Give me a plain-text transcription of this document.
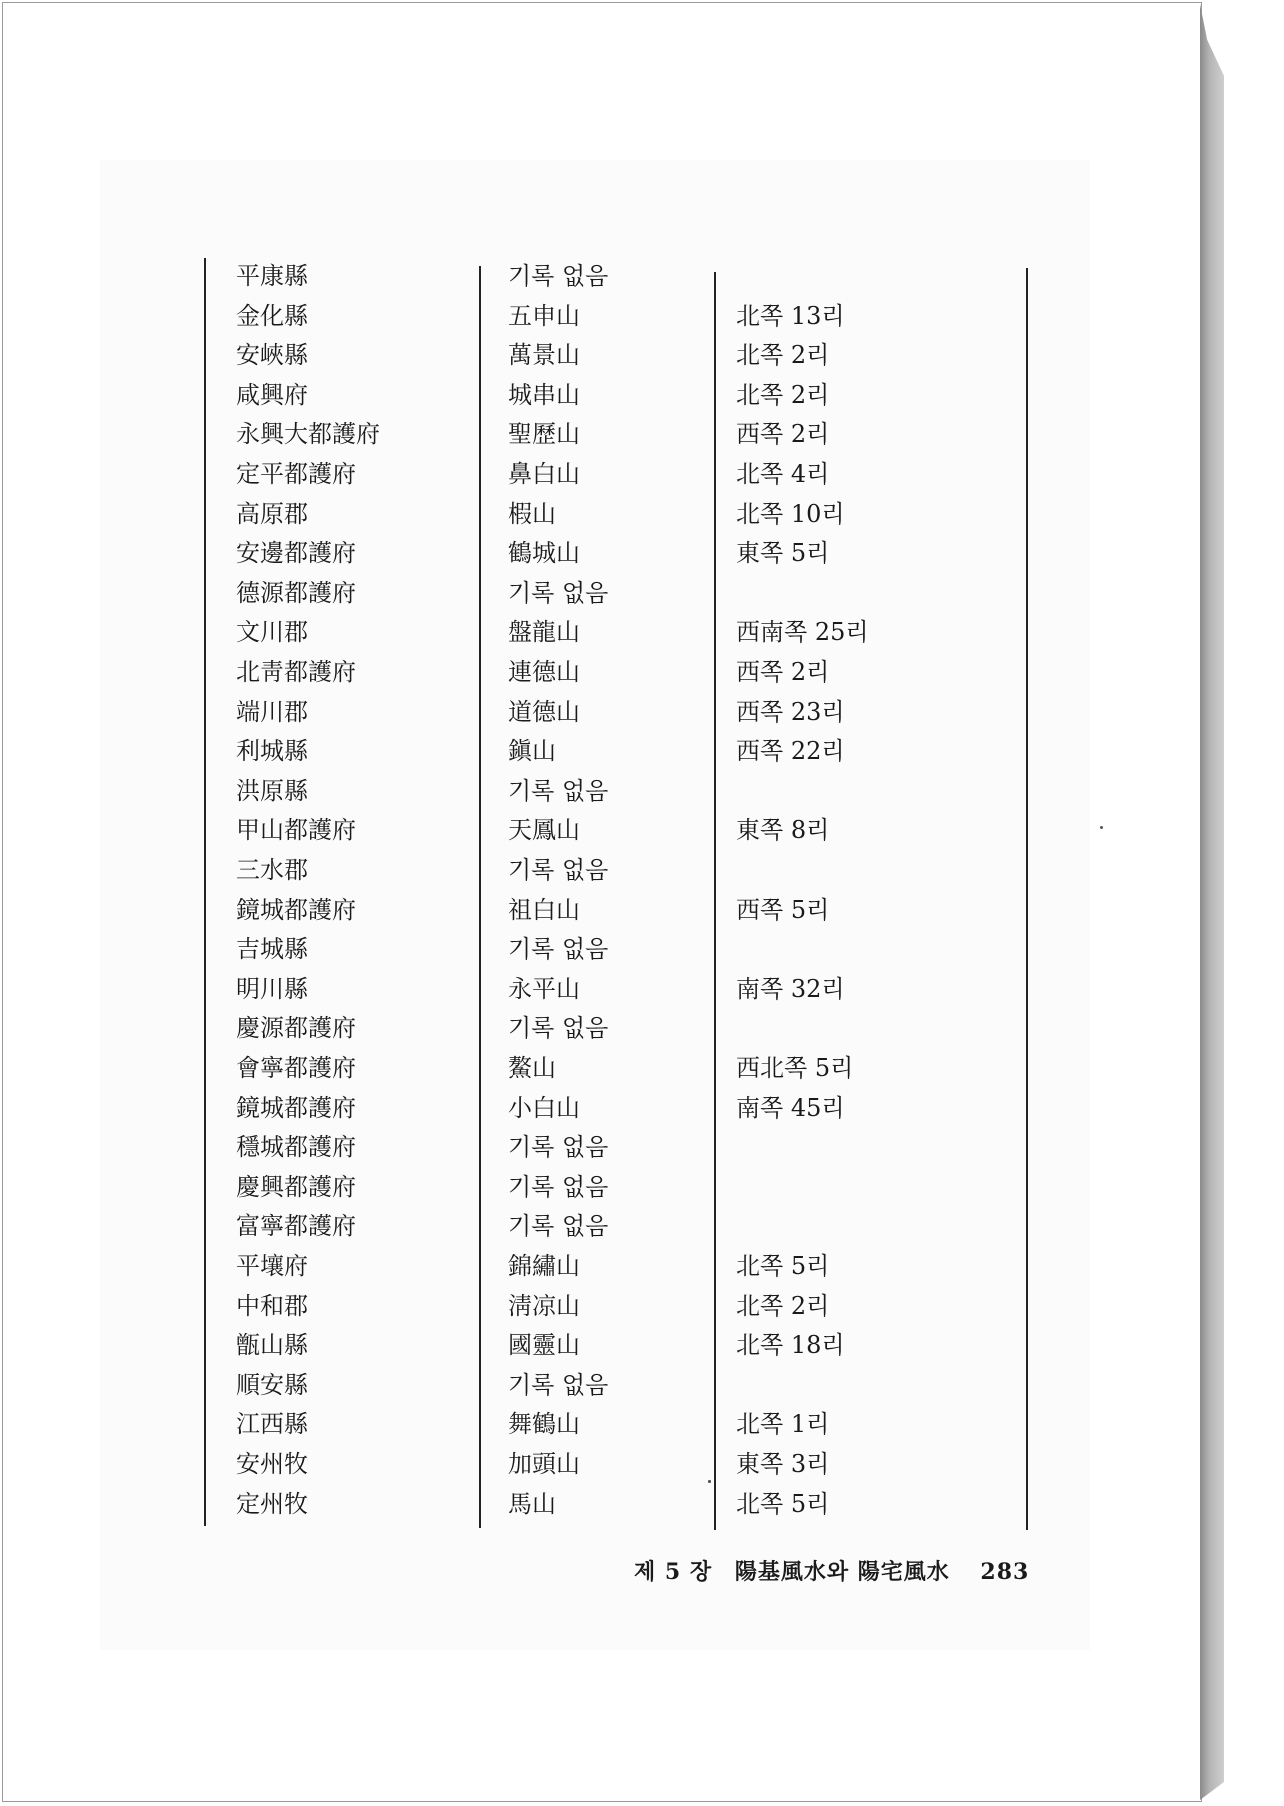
平康縣	기록 없음
金化縣	五申山	北쪽 13리
安峽縣	萬景山	北쪽 2리
咸興府	城串山	北쪽 2리
永興大都護府	聖歷山	西쪽 2리
定平都護府	鼻白山	北쪽 4리
高原郡	椵山	北쪽 10리
安邊都護府	鶴城山	東쪽 5리
德源都護府	기록 없음
文川郡	盤龍山	西南쪽 25리
北靑都護府	連德山	西쪽 2리
端川郡	道德山	西쪽 23리
利城縣	鎭山	西쪽 22리
洪原縣	기록 없음
甲山都護府	天鳳山	東쪽 8리
三水郡	기록 없음
鏡城都護府	祖白山	西쪽 5리
吉城縣	기록 없음
明川縣	永平山	南쪽 32리
慶源都護府	기록 없음
會寧都護府	鰲山	西北쪽 5리
鏡城都護府	小白山	南쪽 45리
穩城都護府	기록 없음
慶興都護府	기록 없음
富寧都護府	기록 없음
平壤府	錦繡山	北쪽 5리
中和郡	淸凉山	北쪽 2리
甑山縣	國靈山	北쪽 18리
順安縣	기록 없음
江西縣	舞鶴山	北쪽 1리
安州牧	加頭山	東쪽 3리
定州牧	馬山	北쪽 5리
제 5 장 陽基風水와 陽宅風水 283
